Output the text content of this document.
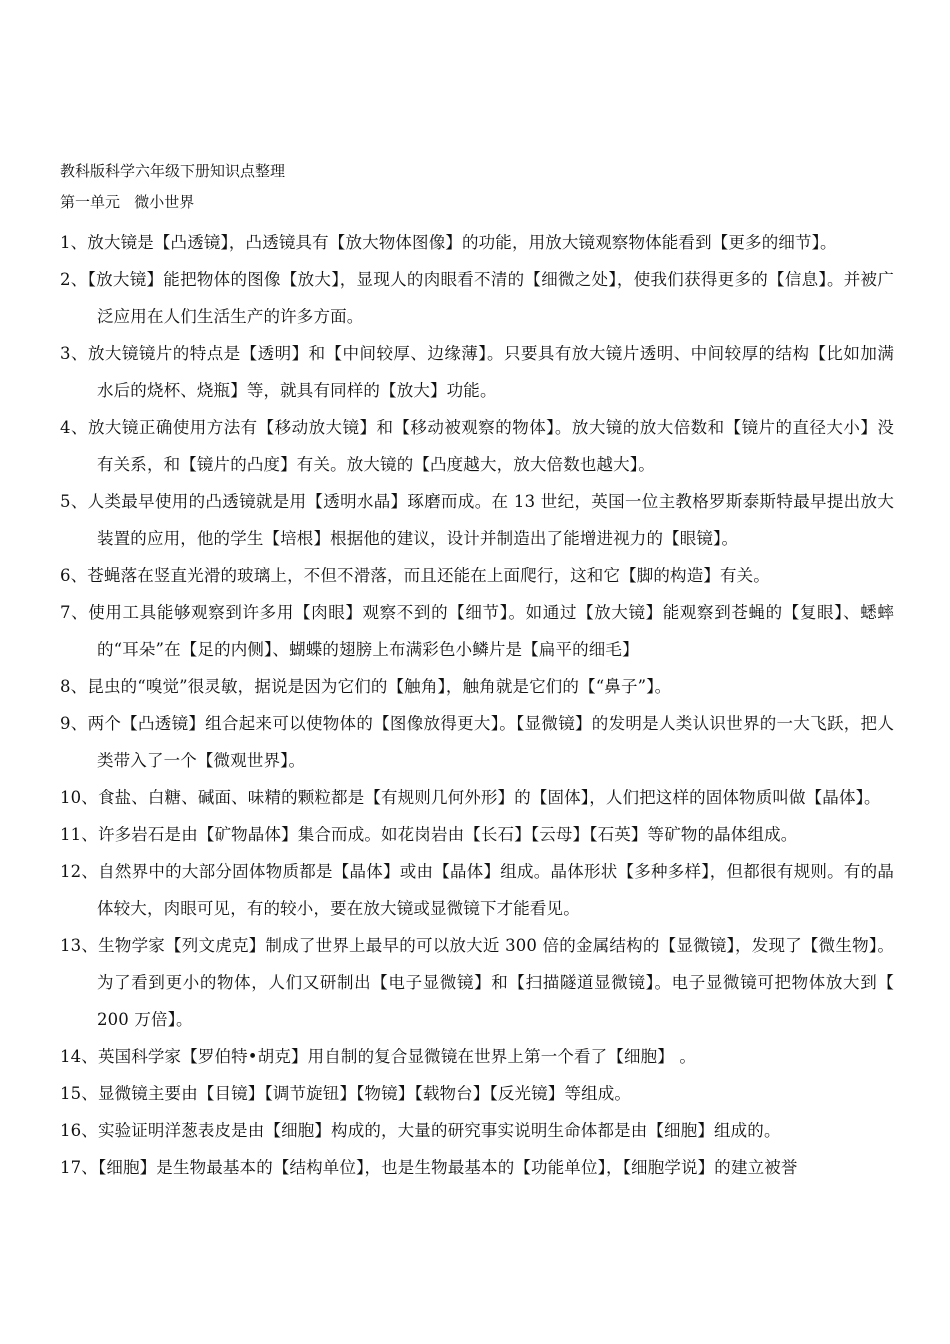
教科版科学六年级下册知识点整理
第一单元   微小世界
1、放大镜是【凸透镜】，凸透镜具有【放大物体图像】的功能，用放大镜观察物体能看到【更多的细节】。
2、【放大镜】能把物体的图像【放大】，显现人的肉眼看不清的【细微之处】，使我们获得更多的【信息】。并被广泛应用在人们生活生产的许多方面。
3、放大镜镜片的特点是【透明】和【中间较厚、边缘薄】。只要具有放大镜片透明、中间较厚的结构【比如加满水后的烧杯、烧瓶】等，就具有同样的【放大】功能。
4、放大镜正确使用方法有【移动放大镜】和【移动被观察的物体】。放大镜的放大倍数和【镜片的直径大小】没有关系，和【镜片的凸度】有关。放大镜的【凸度越大，放大倍数也越大】。
5、人类最早使用的凸透镜就是用【透明水晶】琢磨而成。在 13 世纪，英国一位主教格罗斯泰斯特最早提出放大装置的应用，他的学生【培根】根据他的建议，设计并制造出了能增进视力的【眼镜】。
6、苍蝇落在竖直光滑的玻璃上，不但不滑落，而且还能在上面爬行，这和它【脚的构造】有关。
7、使用工具能够观察到许多用【肉眼】观察不到的【细节】。如通过【放大镜】能观察到苍蝇的【复眼】、蟋蟀的“耳朵”在【足的内侧】、蝴蝶的翅膀上布满彩色小鳞片是【扁平的细毛】
8、昆虫的“嗅觉”很灵敏，据说是因为它们的【触角】，触角就是它们的【“鼻子”】。
9、两个【凸透镜】组合起来可以使物体的【图像放得更大】。【显微镜】的发明是人类认识世界的一大飞跃，把人类带入了一个【微观世界】。
10、食盐、白糖、碱面、味精的颗粒都是【有规则几何外形】的【固体】，人们把这样的固体物质叫做【晶体】。
11、许多岩石是由【矿物晶体】集合而成。如花岗岩由【长石】【云母】【石英】等矿物的晶体组成。
12、自然界中的大部分固体物质都是【晶体】或由【晶体】组成。晶体形状【多种多样】，但都很有规则。有的晶体较大，肉眼可见，有的较小，要在放大镜或显微镜下才能看见。
13、生物学家【列文虎克】制成了世界上最早的可以放大近 300 倍的金属结构的【显微镜】，发现了【微生物】。为了看到更小的物体，人们又研制出【电子显微镜】和【扫描隧道显微镜】。电子显微镜可把物体放大到【 200 万倍】。
14、英国科学家【罗伯特•胡克】用自制的复合显微镜在世界上第一个看了【细胞】 。
15、显微镜主要由【目镜】【调节旋钮】【物镜】【载物台】【反光镜】等组成。
16、实验证明洋葱表皮是由【细胞】构成的，大量的研究事实说明生命体都是由【细胞】组成的。
17、【细胞】是生物最基本的【结构单位】，也是生物最基本的【功能单位】，【细胞学说】的建立被誉
